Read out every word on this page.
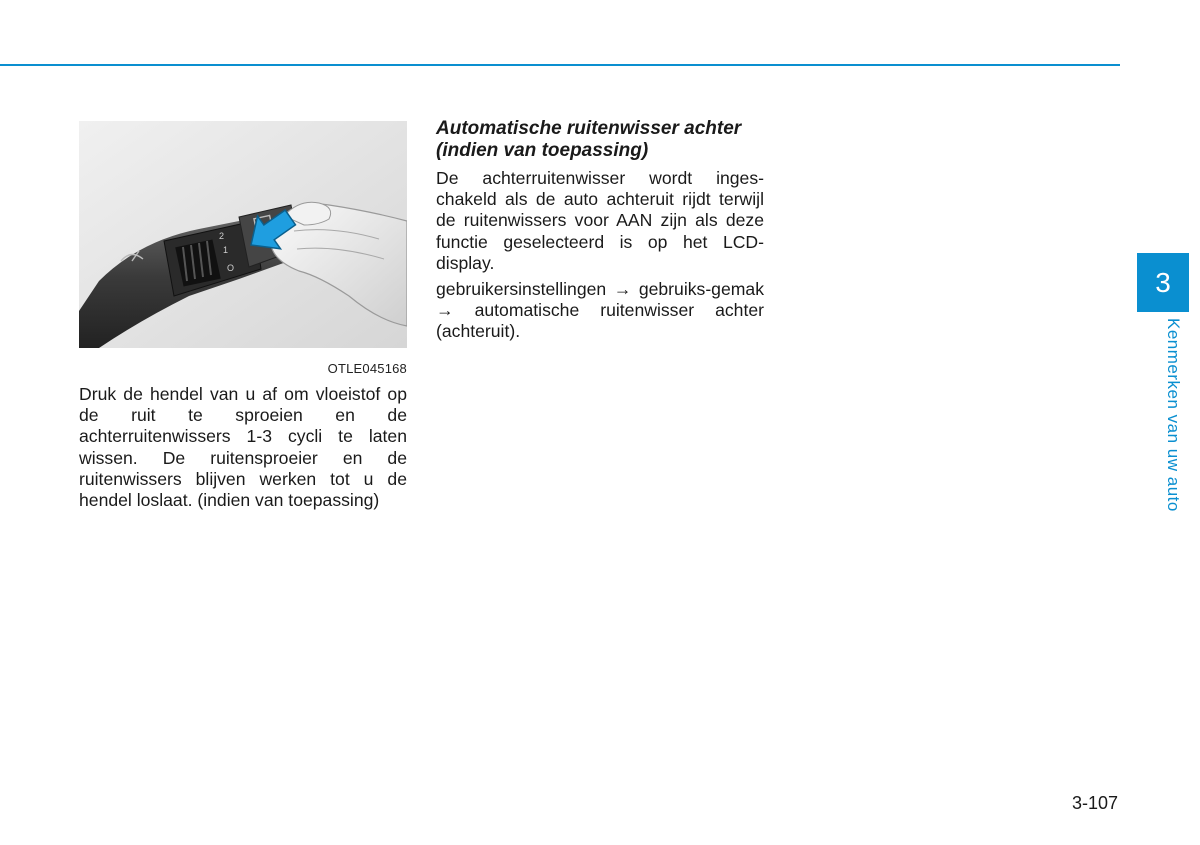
2
1
O
OTLE045168

Druk de hendel van u af om vloeistof op de ruit te sproeien en de achterruitenwissers 1-3 cycli te laten wissen. De ruitensproeier en de ruitenwissers blijven werken tot u de hendel loslaat. (indien van toepassing)

Automatische ruitenwisser achter (indien van toepassing)

De achterruitenwisser wordt inges-chakeld als de auto achteruit rijdt terwijl de ruitenwissers voor AAN zijn als deze functie geselecteerd is op het LCD-display.

gebruikersinstellingen → gebruiks-gemak → automatische ruitenwisser achter (achteruit).

3
Kenmerken van uw auto
3-107
